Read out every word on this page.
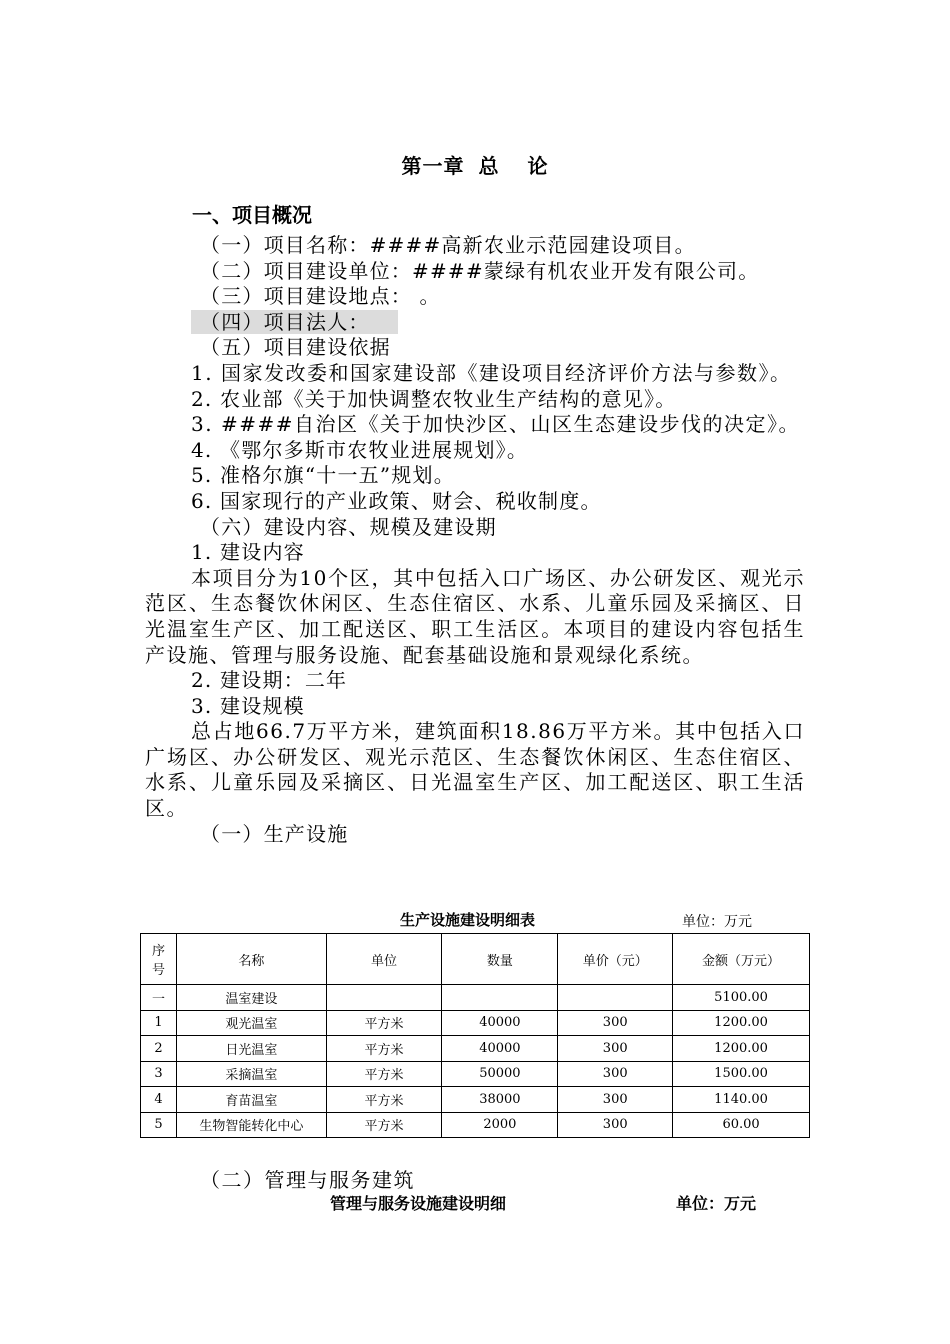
第一章 总 论
一、项目概况

（一）项目名称：####高新农业示范园建设项目。

（二）项目建设单位：####蒙绿有机农业开发有限公司。

（三）项目建设地点： 。

（四）项目法人：

（五）项目建设依据

1. 国家发改委和国家建设部《建设项目经济评价方法与参数》。

2. 农业部《关于加快调整农牧业生产结构的意见》。

3. ####自治区《关于加快沙区、山区生态建设步伐的决定》。

4. 《鄂尔多斯市农牧业进展规划》。

5. 准格尔旗“十一五”规划。

6. 国家现行的产业政策、财会、税收制度。

（六）建设内容、规模及建设期

1. 建设内容

本项目分为10个区，其中包括入口广场区、办公研发区、观光示范区、生态餐饮休闲区、生态住宿区、水系、儿童乐园及采摘区、日光温室生产区、加工配送区、职工生活区。本项目的建设内容包括生产设施、管理与服务设施、配套基础设施和景观绿化系统。

2. 建设期：二年

3. 建设规模

总占地66.7万平方米，建筑面积18.86万平方米。其中包括入口广场区、办公研发区、观光示范区、生态餐饮休闲区、生态住宿区、水系、儿童乐园及采摘区、日光温室生产区、加工配送区、职工生活区。

（一）生产设施

生产设施建设明细表	单位：万元
序号	名称	单位	数量	单价（元）	金额（万元）
一	温室建设				5100.00
1	观光温室	平方米	40000	300	1200.00
2	日光温室	平方米	40000	300	1200.00
3	采摘温室	平方米	50000	300	1500.00
4	育苗温室	平方米	38000	300	1140.00
5	生物智能转化中心	平方米	2000	300	60.00
（二）管理与服务建筑
管理与服务设施建设明细	单位：万元
